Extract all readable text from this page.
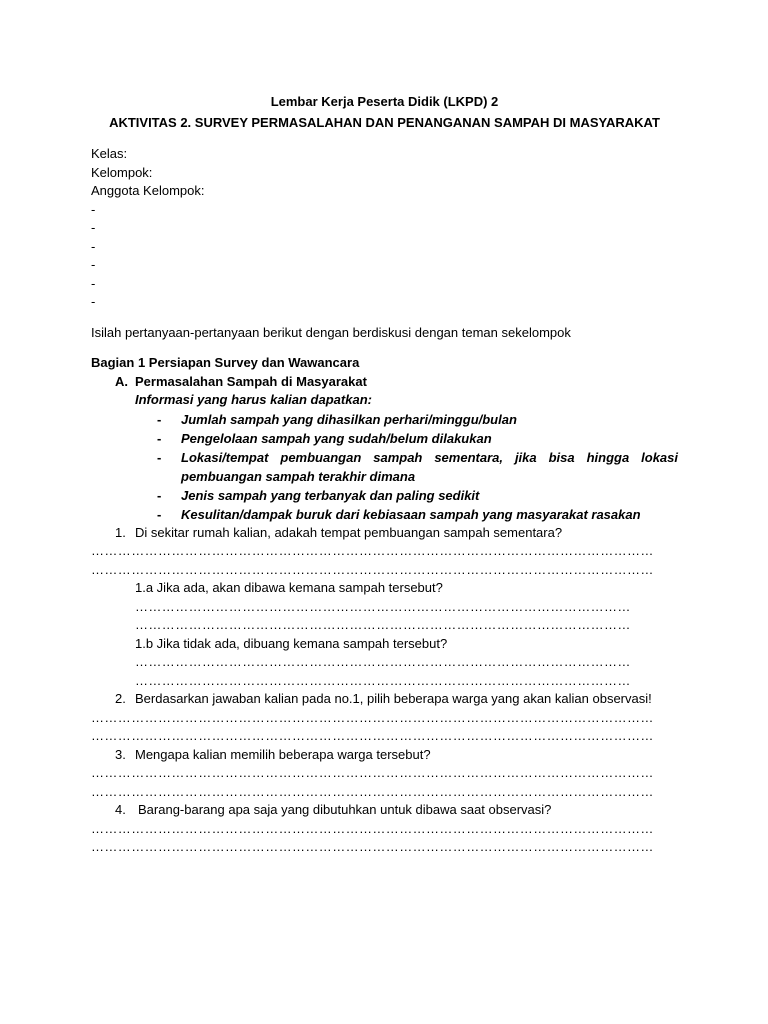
Lembar Kerja Peserta Didik (LKPD) 2
AKTIVITAS 2. SURVEY PERMASALAHAN DAN PENANGANAN SAMPAH DI MASYARAKAT
Kelas:
Kelompok:
Anggota Kelompok:
-
-
-
-
-
-
Isilah pertanyaan-pertanyaan berikut dengan berdiskusi dengan teman sekelompok
Bagian 1 Persiapan Survey dan Wawancara
A. Permasalahan Sampah di Masyarakat
Informasi yang harus kalian dapatkan:
-	Jumlah sampah yang dihasilkan perhari/minggu/bulan
-	Pengelolaan sampah yang sudah/belum dilakukan
-	Lokasi/tempat pembuangan sampah sementara, jika bisa hingga lokasi pembuangan sampah terakhir dimana
-	Jenis sampah yang terbanyak dan paling sedikit
-	Kesulitan/dampak buruk dari kebiasaan sampah yang masyarakat rasakan
1. Di sekitar rumah kalian, adakah tempat pembuangan sampah sementara?
………………………………………………………………………………………………………………
………………………………………………………………………………………………………………
1.a Jika ada, akan dibawa kemana sampah tersebut?
…………………………………………………………………………………………………
…………………………………………………………………………………………………
1.b Jika tidak ada, dibuang kemana sampah tersebut?
…………………………………………………………………………………………………
…………………………………………………………………………………………………
2. Berdasarkan jawaban kalian pada no.1, pilih beberapa warga yang akan kalian observasi!
………………………………………………………………………………………………………………
………………………………………………………………………………………………………………
3. Mengapa kalian memilih beberapa warga tersebut?
………………………………………………………………………………………………………………
………………………………………………………………………………………………………………
4. Barang-barang apa saja yang dibutuhkan untuk dibawa saat observasi?
………………………………………………………………………………………………………………
………………………………………………………………………………………………………………
